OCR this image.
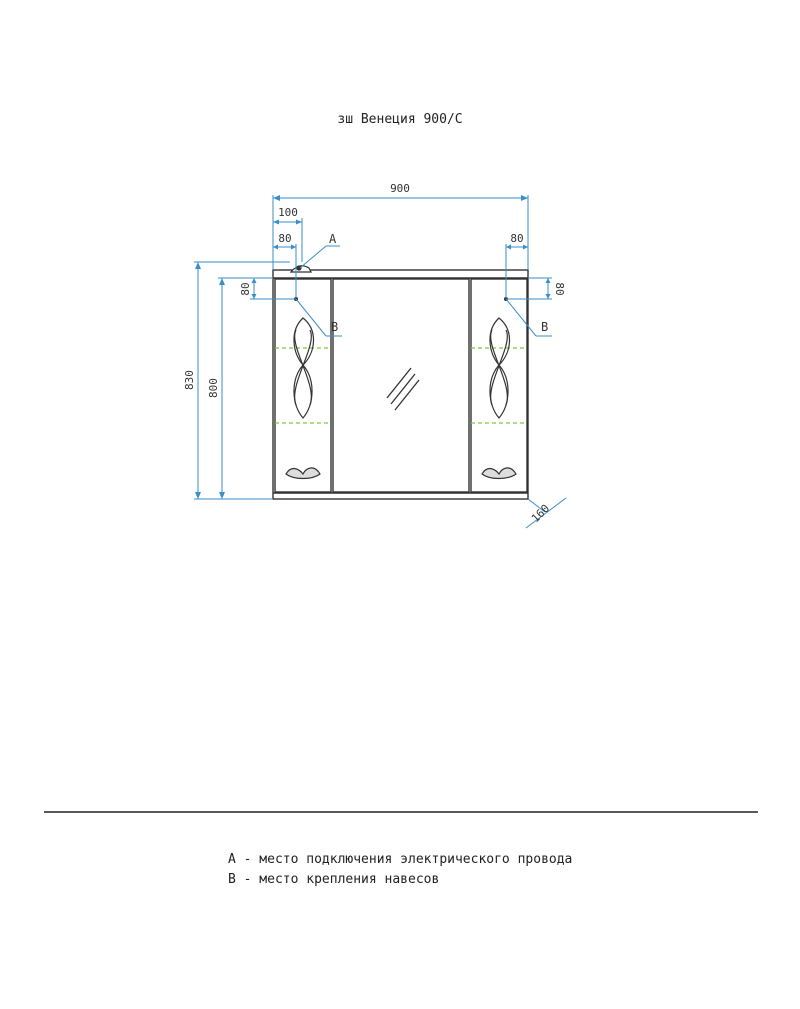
зш Венеция 900/С
900
100
80	80
830 800
80	80
160
А
В	В
А - место подключения электрического провода
В - место крепления навесов
